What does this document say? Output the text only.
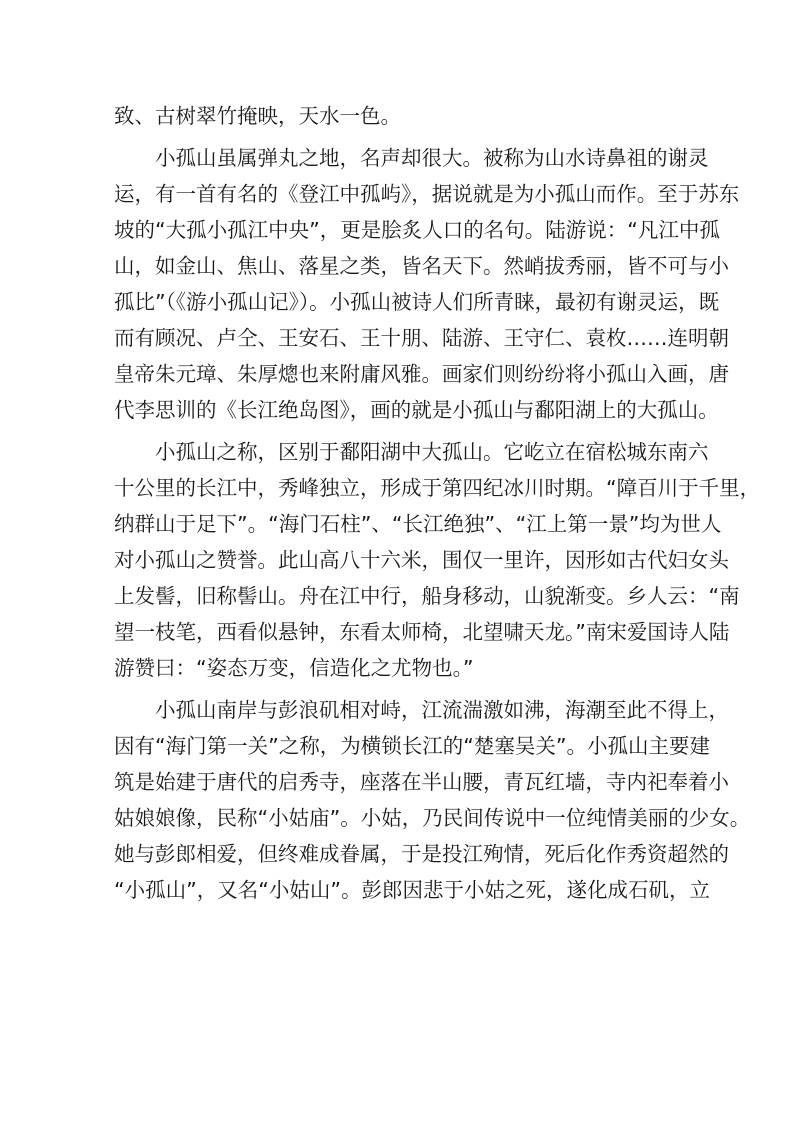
致、古树翠竹掩映，天水一色。
　　小孤山虽属弹丸之地，名声却很大。被称为山水诗鼻祖的谢灵
运，有一首有名的《登江中孤屿》，据说就是为小孤山而作。至于苏东
坡的“大孤小孤江中央”，更是脍炙人口的名句。陆游说：“凡江中孤
山，如金山、焦山、落星之类，皆名天下。然峭拔秀丽，皆不可与小
孤比”（《游小孤山记》）。小孤山被诗人们所青睐，最初有谢灵运，既
而有顾况、卢仝、王安石、王十朋、陆游、王守仁、袁枚……连明朝
皇帝朱元璋、朱厚熜也来附庸风雅。画家们则纷纷将小孤山入画，唐
代李思训的《长江绝岛图》，画的就是小孤山与鄱阳湖上的大孤山。
　　小孤山之称，区别于鄱阳湖中大孤山。它屹立在宿松城东南六
十公里的长江中，秀峰独立，形成于第四纪冰川时期。“障百川于千里，
纳群山于足下”。“海门石柱”、“长江绝独”、“江上第一景”均为世人
对小孤山之赞誉。此山高八十六米，围仅一里许，因形如古代妇女头
上发髻，旧称髻山。舟在江中行，船身移动，山貌渐变。乡人云：“南
望一枝笔，西看似悬钟，东看太师椅，北望啸天龙。”南宋爱国诗人陆
游赞曰：“姿态万变，信造化之尤物也。”
　　小孤山南岸与彭浪矶相对峙，江流湍激如沸，海潮至此不得上，
因有“海门第一关”之称，为横锁长江的“楚塞吴关”。小孤山主要建
筑是始建于唐代的启秀寺，座落在半山腰，青瓦红墙，寺内祀奉着小
姑娘娘像，民称“小姑庙”。小姑，乃民间传说中一位纯情美丽的少女。
她与彭郎相爱，但终难成眷属，于是投江殉情，死后化作秀资超然的
“小孤山”，又名“小姑山”。彭郎因悲于小姑之死，遂化成石矶，立
